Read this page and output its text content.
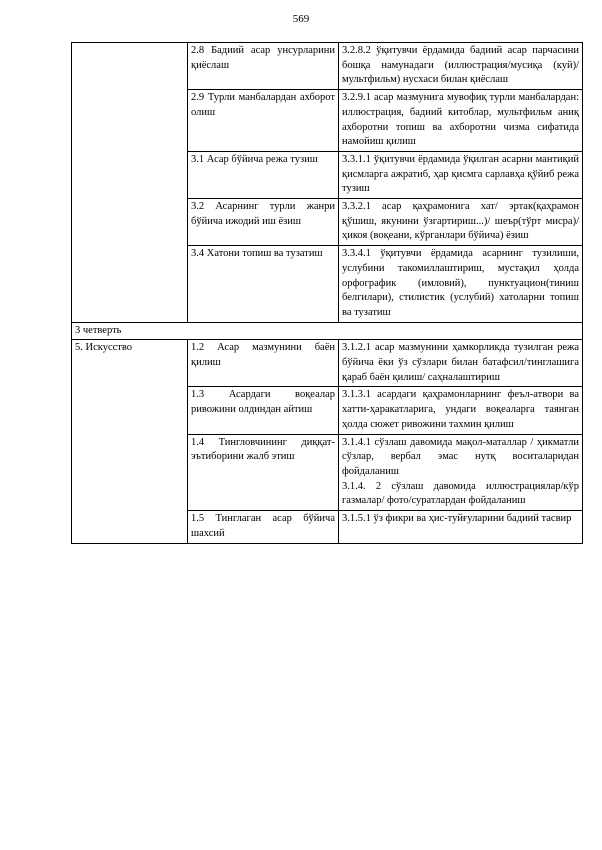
569
	2.8 Бадиий асар унсурларини қиёслаш	3.2.8.2 ўқитувчи ёрдамида бадиий асар парчасини бошқа намунадаги (иллюстрация/мусиқа (куй)/ мультфильм) нусхаси билан қиёслаш

	2.9 Турли манбалардан ахборот олиш	3.2.9.1 асар мазмунига мувофиқ турли манбалардан: иллюстрация, бадиий китоблар, мультфильм аниқ ахборотни топиш ва ахборотни чизма сифатида намойиш қилиш

	3.1 Асар бўйича режа тузиш	3.3.1.1 ўқитувчи ёрдамида ўқилган асарни мантиқий қисмларга ажратиб, ҳар қисмга сарлавҳа қўйиб режа тузиш

	3.2 Асарнинг турли жанри бўйича ижодий иш ёзиш	3.3.2.1 асар қаҳрамонига хат/ эртак(қаҳрамон қўшиш, якунини ўзгартириш...)/ шеър(тўрт мисра)/ ҳикоя (воқеани, кўрганлари бўйича) ёзиш

	3.4 Хатони топиш ва тузатиш	3.3.4.1 ўқитувчи ёрдамида асарнинг тузилиши, услубини такомиллаштириш, мустақил ҳолда орфографик (имловий), пунктуацион(тиниш белгилари), стилистик (услубий) хатоларни топиш ва тузатиш

3 четверть		
5. Искусство	1.2 Асар мазмунини баён қилиш	3.1.2.1 асар мазмунини ҳамкорликда тузилган режа бўйича ёки ўз сўзлари билан батафсил/тинглашига қараб баён қилиш/ саҳналаштириш

	1.3 Асардаги воқеалар ривожини олдиндан айтиш	3.1.3.1 асардаги қаҳрамонларнинг феъл-атвори ва хатти-ҳаракатларига, ундаги воқеаларга таянган ҳолда сюжет ривожини тахмин қилиш

	1.4 Тингловчининг диққат-эътиборини жалб этиш	3.1.4.1 сўзлаш давомида мақол-маталлар / ҳикматли сўзлар, вербал эмас нутқ воситаларидан фойдаланиш
3.1.4. 2 сўзлаш давомида иллюстрациялар/кўр газмалар/ фото/суратлардан фойдаланиш

	1.5 Тинглаган асар бўйича шахсий	3.1.5.1 ўз фикри ва ҳис-туйғуларини бадиий тасвир
